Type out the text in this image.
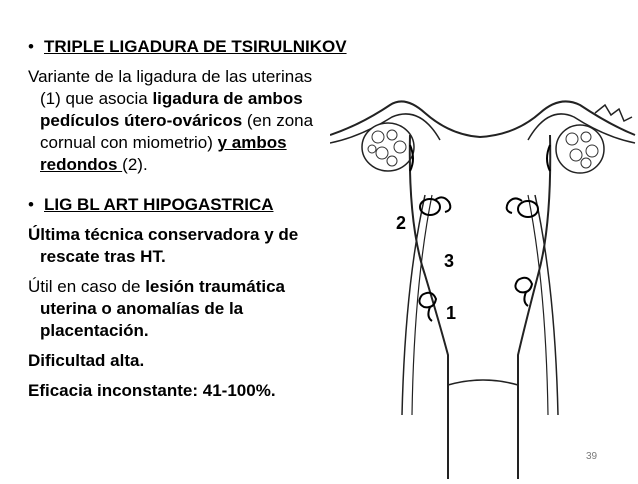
2
3
1

• TRIPLE LIGADURA DE TSIRULNIKOV

Variante de la ligadura de las uterinas
(1) que asocia ligadura de ambos
pedículos útero-ováricos (en zona
cornual con miometrio) y ambos
redondos (2).

• LIG BL ART HIPOGASTRICA

Última técnica conservadora y de
rescate tras HT.

Útil en caso de lesión traumática
uterina o anomalías de la
placentación.

Dificultad alta.

Eficacia inconstante: 41-100%.

39
